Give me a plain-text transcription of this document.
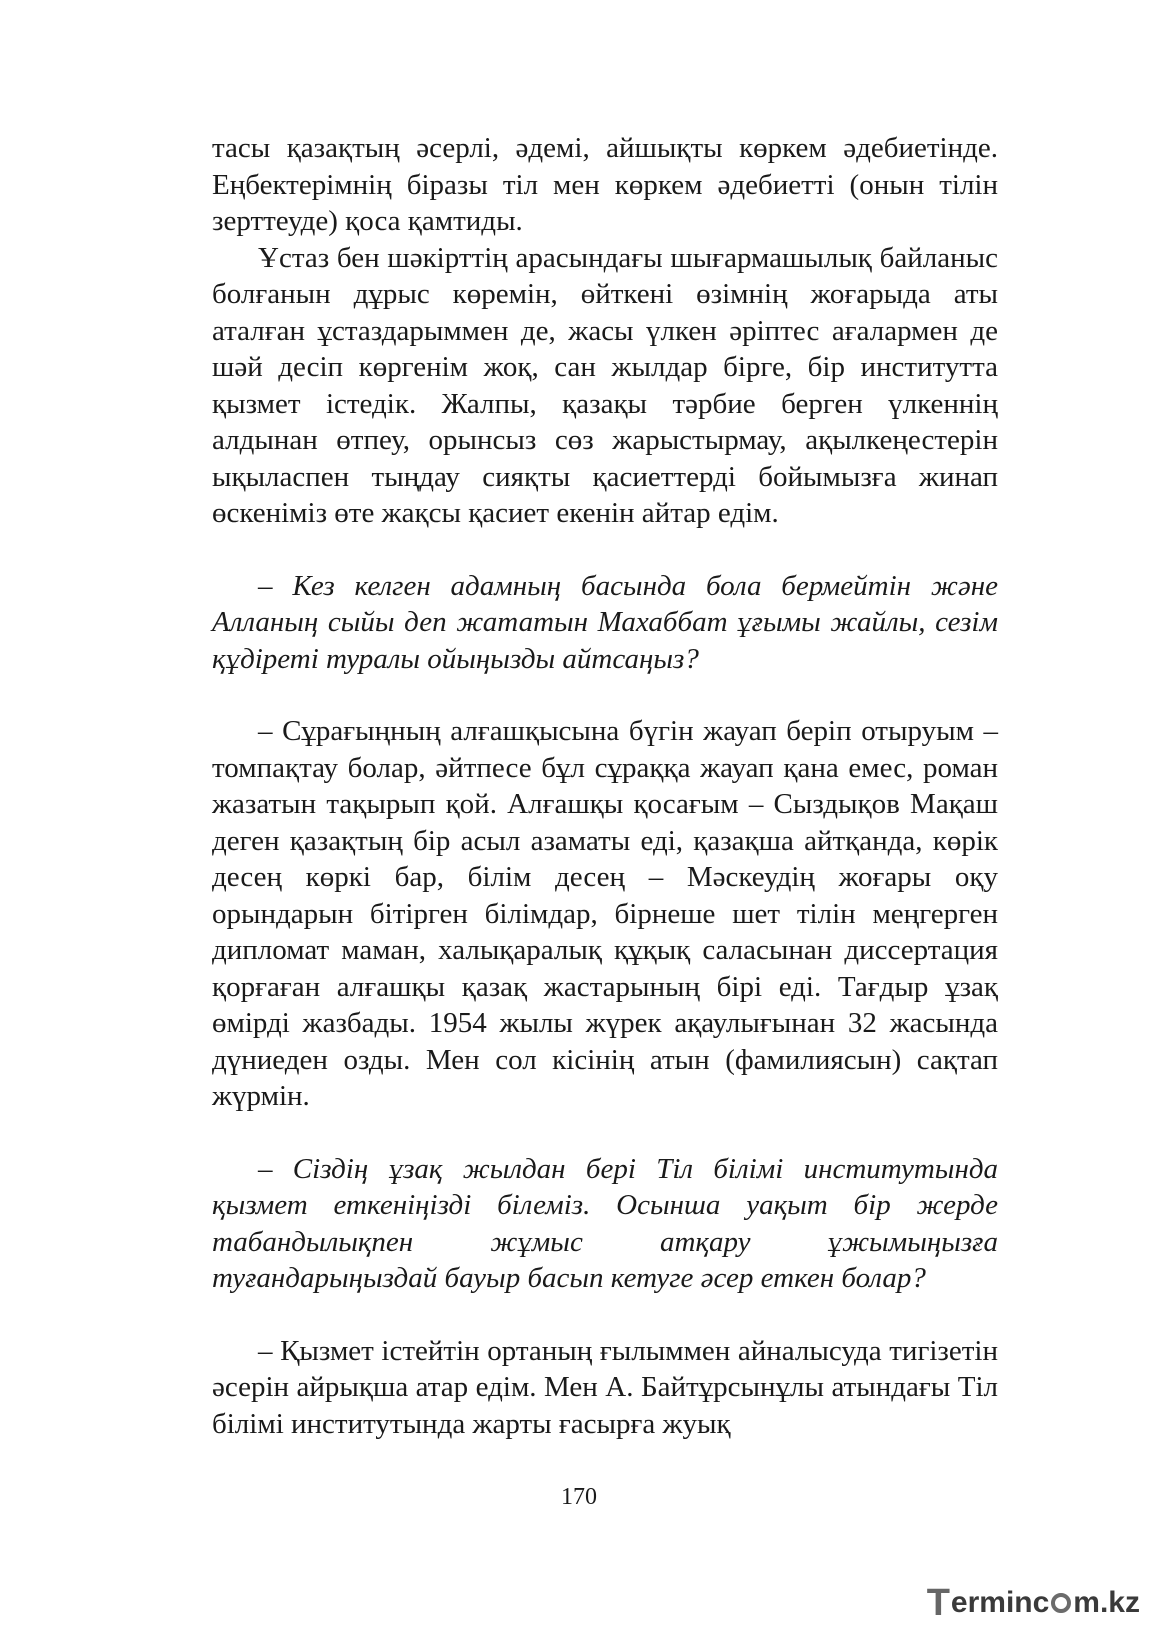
тасы қазақтың әсерлі, әдемі, айшықты көркем әдебиетінде. Еңбектерімнің біразы тіл мен көркем әдебиетті (онын тілін зерттеуде) қоса қамтиды.

Ұстаз бен шәкірттің арасындағы шығармашылық байланыс болғанын дұрыс көремін, өйткені өзімнің жоғарыда аты аталған ұстаздарыммен де, жасы үлкен әріптес ағалармен де шәй десіп көргенім жоқ, сан жылдар бірге, бір институтта қызмет істедік. Жалпы, қазақы тәрбие берген үлкеннің алдынан өтпеу, орынсыз сөз жарыстырмау, ақылкеңестерін ықыласпен тыңдау сияқты қасиеттерді бойымызға жинап өскеніміз өте жақсы қасиет екенін айтар едім.

– Кез келген адамның басында бола бермейтін және Алланың сыйы деп жататын Махаббат ұғымы жайлы, сезім құдіреті туралы ойыңызды айтсаңыз?

– Сұрағыңның алғашқысына бүгін жауап беріп отыруым – томпақтау болар, әйтпесе бұл сұраққа жауап қана емес, роман жазатын тақырып қой. Алғашқы қосағым – Сыздықов Мақаш деген қазақтың бір асыл азаматы еді, қазақша айтқанда, көрік десең көркі бар, білім десең – Мәскеудің жоғары оқу орындарын бітірген білімдар, бірнеше шет тілін меңгерген дипломат маман, халықаралық құқық саласынан диссертация қорғаған алғашқы қазақ жастарының бірі еді. Тағдыр ұзақ өмірді жазбады. 1954 жылы жүрек ақаулығынан 32 жасында дүниеден озды. Мен сол кісінің атын (фамилиясын) сақтап жүрмін.

– Сіздің ұзақ жылдан бері Тіл білімі институтында қызмет еткеніңізді білеміз. Осынша уақыт бір жерде табандылықпен жұмыс атқару ұжымыңызға туғандарыңыздай бауыр басып кетуге әсер еткен болар?

– Қызмет істейтін ортаның ғылыммен айналысуда тигізетін әсерін айрықша атар едім. Мен А. Байтұрсынұлы атындағы Тіл білімі институтында жарты ғасырға жуық

170
T erminc m.kz
